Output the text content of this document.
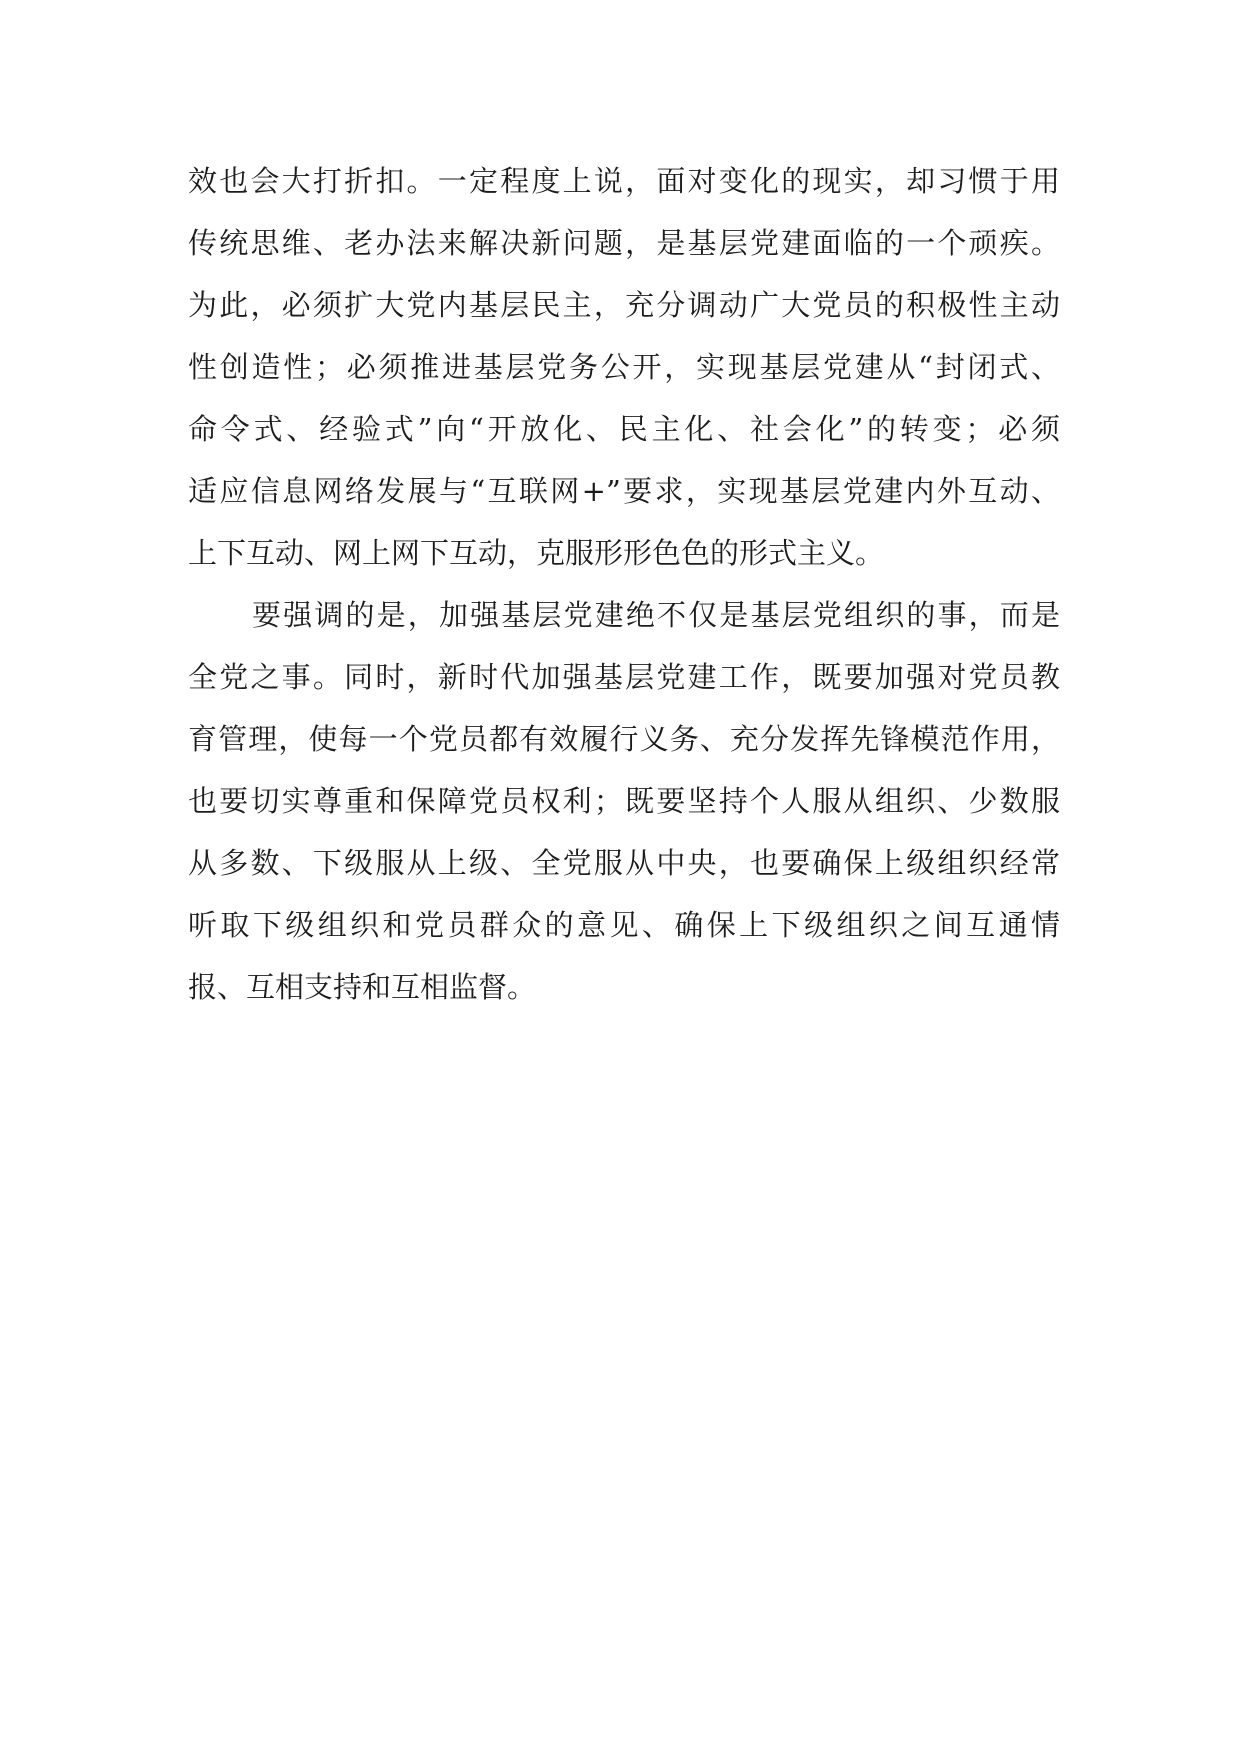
效也会大打折扣。一定程度上说，面对变化的现实，却习惯于用
传统思维、老办法来解决新问题，是基层党建面临的一个顽疾。
为此，必须扩大党内基层民主，充分调动广大党员的积极性主动
性创造性；必须推进基层党务公开，实现基层党建从“封闭式、
命令式、经验式”向“开放化、民主化、社会化”的转变；必须
适应信息网络发展与“互联网+”要求，实现基层党建内外互动、
上下互动、网上网下互动，克服形形色色的形式主义。
要强调的是，加强基层党建绝不仅是基层党组织的事，而是
全党之事。同时，新时代加强基层党建工作，既要加强对党员教
育管理，使每一个党员都有效履行义务、充分发挥先锋模范作用，
也要切实尊重和保障党员权利；既要坚持个人服从组织、少数服
从多数、下级服从上级、全党服从中央，也要确保上级组织经常
听取下级组织和党员群众的意见、确保上下级组织之间互通情
报、互相支持和互相监督。
